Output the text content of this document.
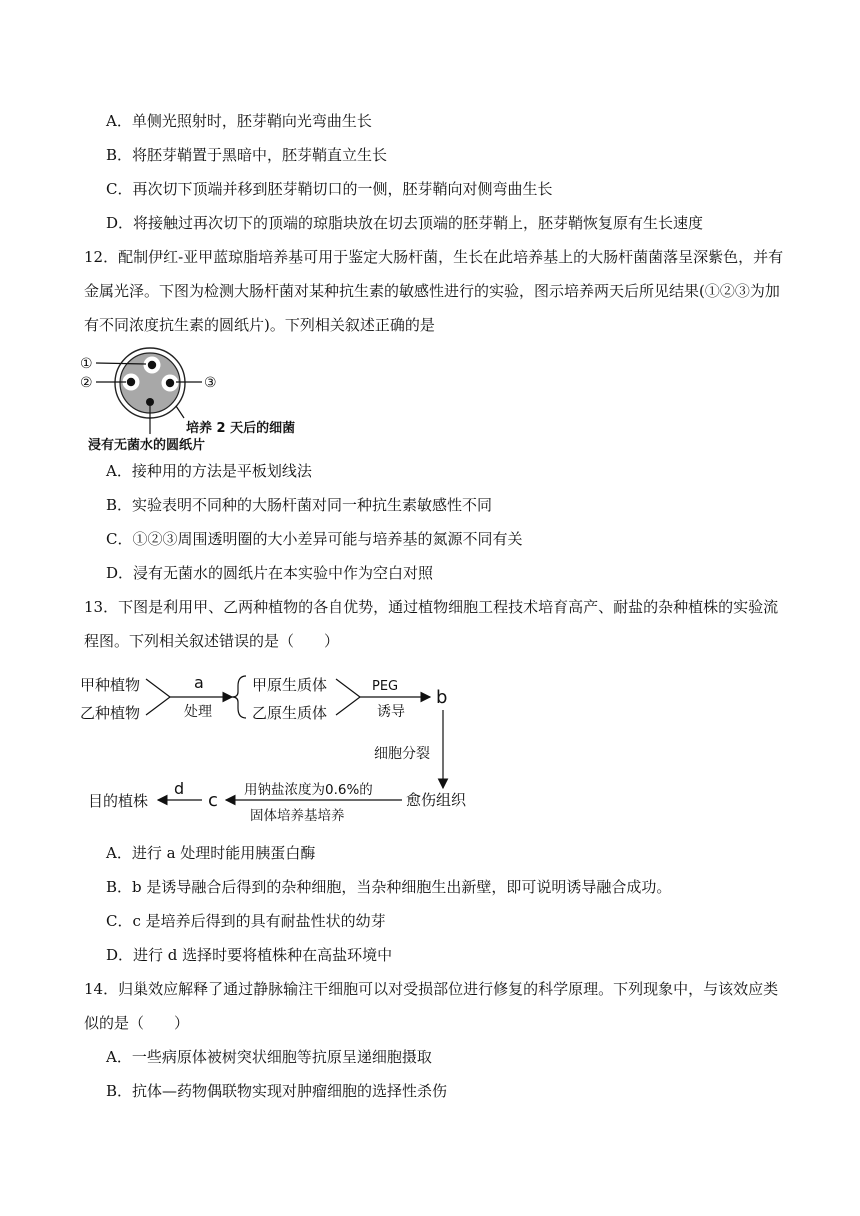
A．单侧光照射时，胚芽鞘向光弯曲生长
B．将胚芽鞘置于黑暗中，胚芽鞘直立生长
C．再次切下顶端并移到胚芽鞘切口的一侧，胚芽鞘向对侧弯曲生长
D．将接触过再次切下的顶端的琼脂块放在切去顶端的胚芽鞘上，胚芽鞘恢复原有生长速度
12．配制伊红-亚甲蓝琼脂培养基可用于鉴定大肠杆菌，生长在此培养基上的大肠杆菌菌落呈深紫色，并有
金属光泽。下图为检测大肠杆菌对某种抗生素的敏感性进行的实验，图示培养两天后所见结果(①②③为加
有不同浓度抗生素的圆纸片)。下列相关叙述正确的是
①
②	③
培养 2 天后的细菌
浸有无菌水的圆纸片
A．接种用的方法是平板划线法
B．实验表明不同种的大肠杆菌对同一种抗生素敏感性不同
C．①②③周围透明圈的大小差异可能与培养基的氮源不同有关
D．浸有无菌水的圆纸片在本实验中作为空白对照
13．下图是利用甲、乙两种植物的各自优势，通过植物细胞工程技术培育高产、耐盐的杂种植株的实验流
程图。下列相关叙述错误的是（　　）
甲种植物
乙种植物
a
处理
甲原生质体
乙原生质体
PEG
诱导
b
细胞分裂
愈伤组织
用钠盐浓度为0.6%的
固体培养基培养
c
d
目的植株
A．进行 a 处理时能用胰蛋白酶
B．b 是诱导融合后得到的杂种细胞，当杂种细胞生出新壁，即可说明诱导融合成功。
C．c 是培养后得到的具有耐盐性状的幼芽
D．进行 d 选择时要将植株种在高盐环境中
14．归巢效应解释了通过静脉输注干细胞可以对受损部位进行修复的科学原理。下列现象中，与该效应类
似的是（　　）
A．一些病原体被树突状细胞等抗原呈递细胞摄取
B．抗体—药物偶联物实现对肿瘤细胞的选择性杀伤
